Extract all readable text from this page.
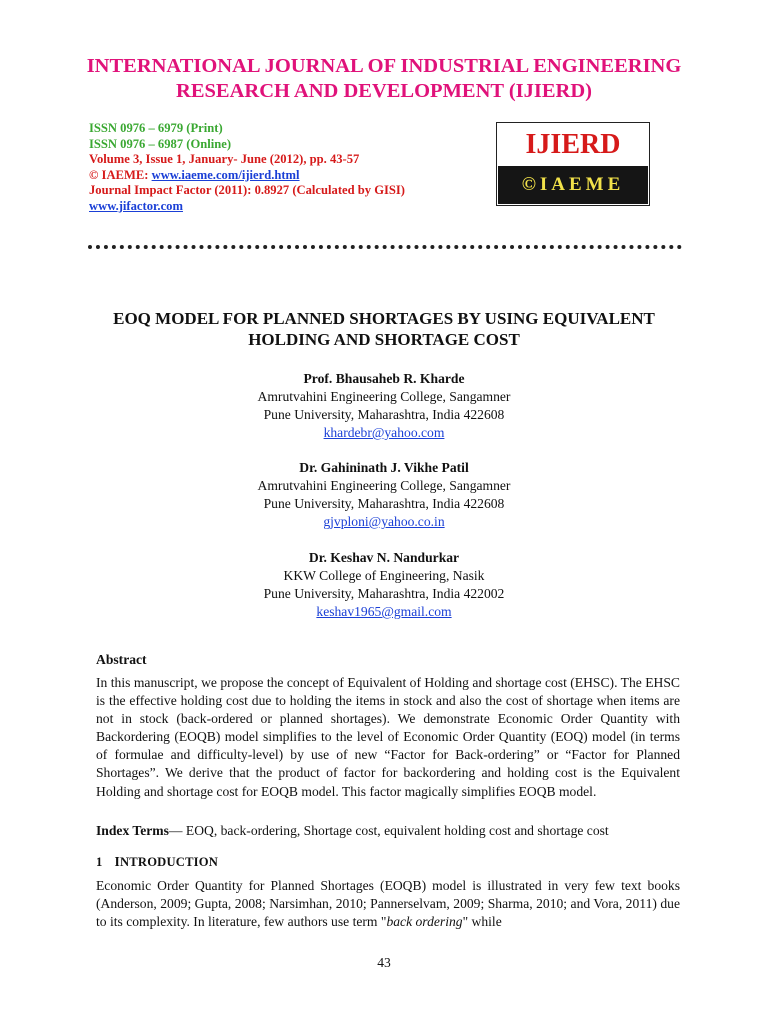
INTERNATIONAL JOURNAL OF INDUSTRIAL ENGINEERING
RESEARCH AND DEVELOPMENT (IJIERD)
ISSN 0976 – 6979 (Print)
ISSN 0976 – 6987 (Online)
Volume 3, Issue 1, January- June (2012), pp. 43-57
© IAEME: www.iaeme.com/ijierd.html
Journal Impact Factor (2011): 0.8927 (Calculated by GISI)
www.jifactor.com
IJIERD
©IAEME
EOQ MODEL FOR PLANNED SHORTAGES BY USING EQUIVALENT
HOLDING AND SHORTAGE COST
Prof. Bhausaheb R. Kharde
Amrutvahini Engineering College, Sangamner
Pune University, Maharashtra, India 422608
khardebr@yahoo.com
Dr. Gahininath J. Vikhe Patil
Amrutvahini Engineering College, Sangamner
Pune University, Maharashtra, India 422608
gjvploni@yahoo.co.in
Dr. Keshav N. Nandurkar
KKW College of Engineering, Nasik
Pune University, Maharashtra, India 422002
keshav1965@gmail.com
Abstract
In this manuscript, we propose the concept of Equivalent of Holding and shortage cost (EHSC). The EHSC is the effective holding cost due to holding the items in stock and also the cost of shortage when items are not in stock (back-ordered or planned shortages). We demonstrate Economic Order Quantity with Backordering (EOQB) model simplifies to the level of Economic Order Quantity (EOQ) model (in terms of formulae and difficulty-level) by use of new “Factor for Back-ordering” or “Factor for Planned Shortages”. We derive that the product of factor for backordering and holding cost is the Equivalent Holding and shortage cost for EOQB model. This factor magically simplifies EOQB model.
Index Terms— EOQ, back-ordering, Shortage cost, equivalent holding cost and shortage cost
1 INTRODUCTION
Economic Order Quantity for Planned Shortages (EOQB) model is illustrated in very few text books (Anderson, 2009; Gupta, 2008; Narsimhan, 2010; Pannerselvam, 2009; Sharma, 2010; and Vora, 2011) due to its complexity. In literature, few authors use term "back ordering" while
43
